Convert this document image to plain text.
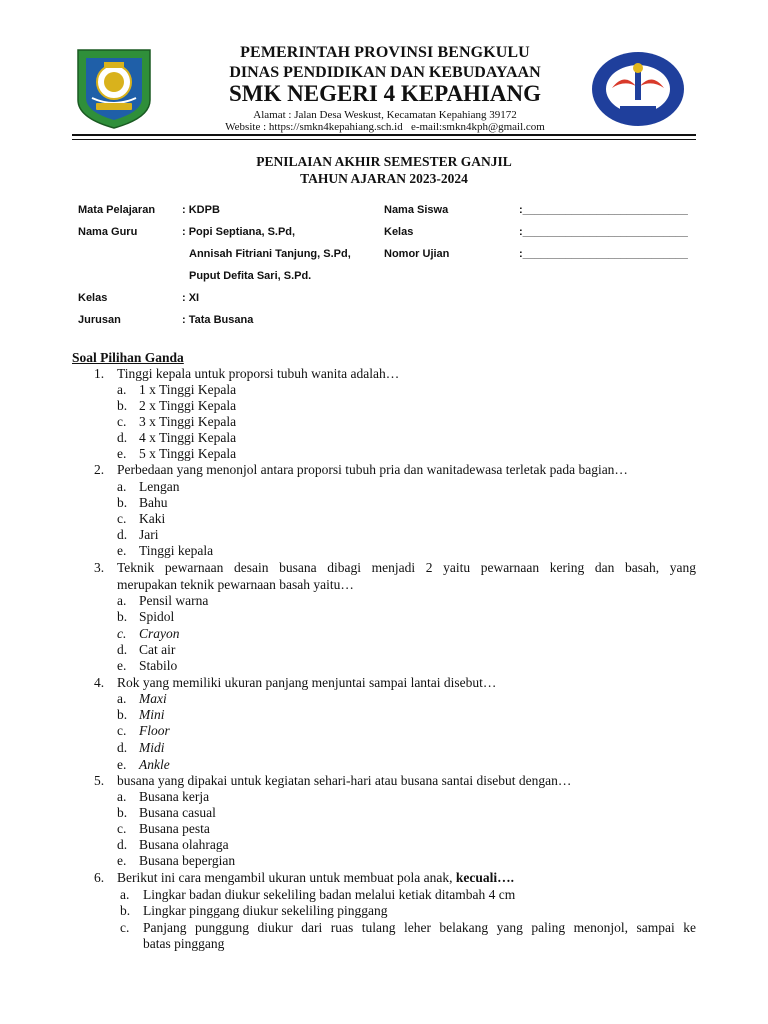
PEMERINTAH PROVINSI BENGKULU
DINAS PENDIDIKAN DAN KEBUDAYAAN
SMK NEGERI 4 KEPAHIANG
Alamat : Jalan Desa Weskust, Kecamatan Kepahiang 39172
Website : https://smkn4kepahiang.sch.id   e-mail:smkn4kph@gmail.com
PENILAIAN AKHIR SEMESTER GANJIL
TAHUN AJARAN 2023-2024
Mata Pelajaran : KDPB
Nama Guru	: Popi Septiana, S.Pd,
Annisah Fitriani Tanjung, S.Pd,
Puput Defita Sari, S.Pd.
Kelas	: XI
Jurusan	: Tata Busana
Nama Siswa	:___________________________
Kelas	:___________________________
Nomor Ujian	:___________________________
Soal Pilihan Ganda
1. Tinggi kepala untuk proporsi tubuh wanita adalah…
a. 1 x Tinggi Kepala
b. 2 x Tinggi Kepala
c. 3 x Tinggi Kepala
d. 4 x Tinggi Kepala
e. 5 x Tinggi Kepala
2. Perbedaan yang menonjol antara proporsi tubuh pria dan wanitadewasa terletak pada bagian…
a. Lengan
b. Bahu
c. Kaki
d. Jari
e. Tinggi kepala
3. Teknik pewarnaan desain busana dibagi menjadi 2 yaitu pewarnaan kering dan basah, yang
merupakan teknik pewarnaan basah yaitu…
a. Pensil warna
b. Spidol
c. Crayon
d. Cat air
e. Stabilo
4. Rok yang memiliki ukuran panjang menjuntai sampai lantai disebut…
a. Maxi
b. Mini
c. Floor
d. Midi
e. Ankle
5. busana yang dipakai untuk kegiatan sehari-hari atau busana santai disebut dengan…
a. Busana kerja
b. Busana casual
c. Busana pesta
d. Busana olahraga
e. Busana bepergian
6. Berikut ini cara mengambil ukuran untuk membuat pola anak, kecuali….
a. Lingkar badan diukur sekeliling badan melalui ketiak ditambah 4 cm
b. Lingkar pinggang diukur sekeliling pinggang
c. Panjang punggung diukur dari ruas tulang leher belakang yang paling menonjol, sampai ke
batas pinggang
